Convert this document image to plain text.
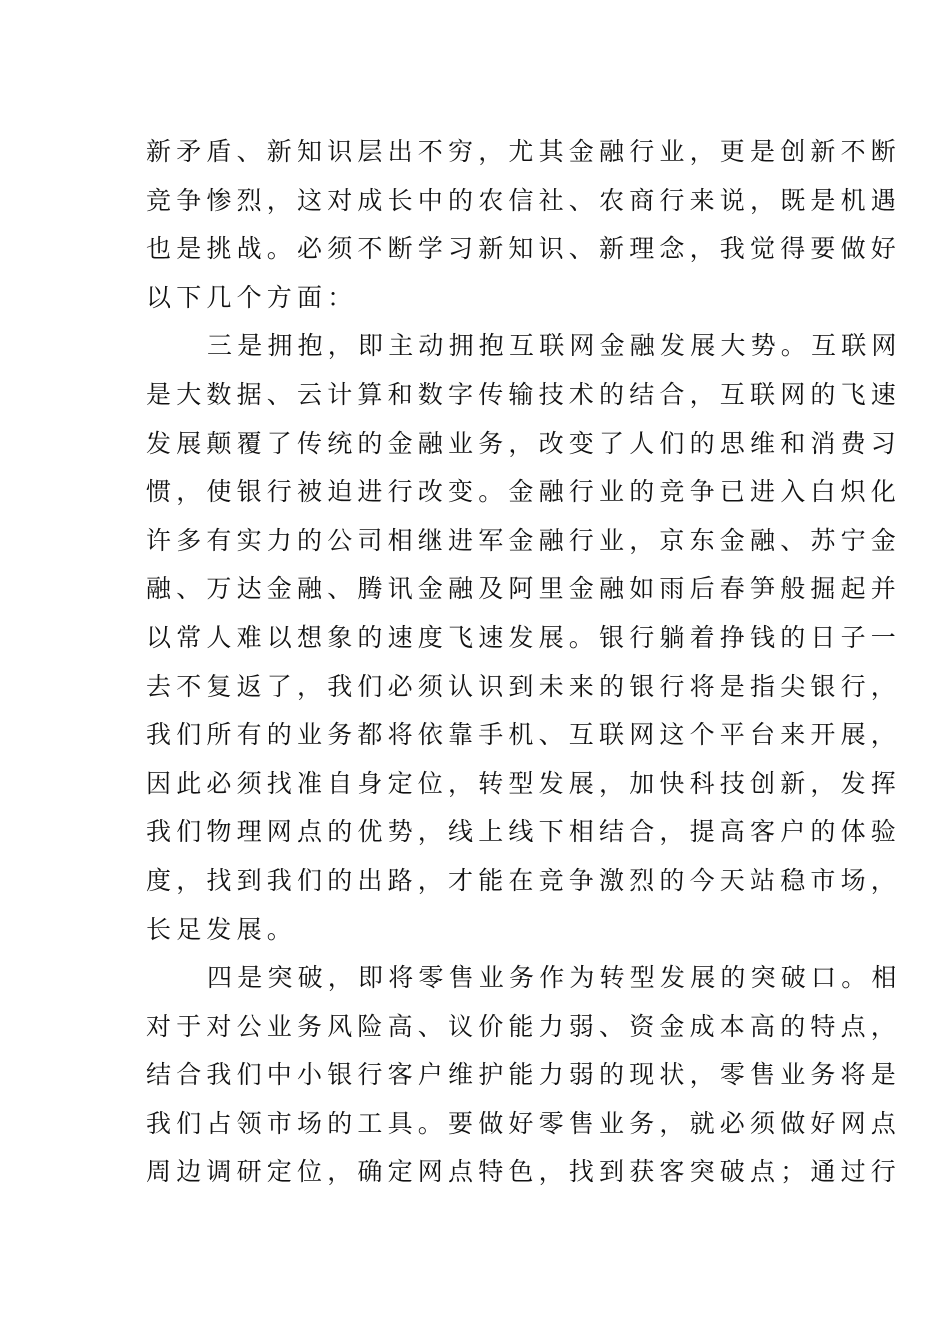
新矛盾、新知识层出不穷，尤其金融行业，更是创新不断
竞争惨烈，这对成长中的农信社、农商行来说，既是机遇
也是挑战。必须不断学习新知识、新理念，我觉得要做好
以下几个方面：
三是拥抱，即主动拥抱互联网金融发展大势。互联网
是大数据、云计算和数字传输技术的结合，互联网的飞速
发展颠覆了传统的金融业务，改变了人们的思维和消费习
惯，使银行被迫进行改变。金融行业的竞争已进入白炽化
许多有实力的公司相继进军金融行业，京东金融、苏宁金
融、万达金融、腾讯金融及阿里金融如雨后春笋般掘起并
以常人难以想象的速度飞速发展。银行躺着挣钱的日子一
去不复返了，我们必须认识到未来的银行将是指尖银行，
我们所有的业务都将依靠手机、互联网这个平台来开展，
因此必须找准自身定位，转型发展，加快科技创新，发挥
我们物理网点的优势，线上线下相结合，提高客户的体验
度，找到我们的出路，才能在竞争激烈的今天站稳市场，
长足发展。
四是突破，即将零售业务作为转型发展的突破口。相
对于对公业务风险高、议价能力弱、资金成本高的特点，
结合我们中小银行客户维护能力弱的现状，零售业务将是
我们占领市场的工具。要做好零售业务，就必须做好网点
周边调研定位，确定网点特色，找到获客突破点；通过行
